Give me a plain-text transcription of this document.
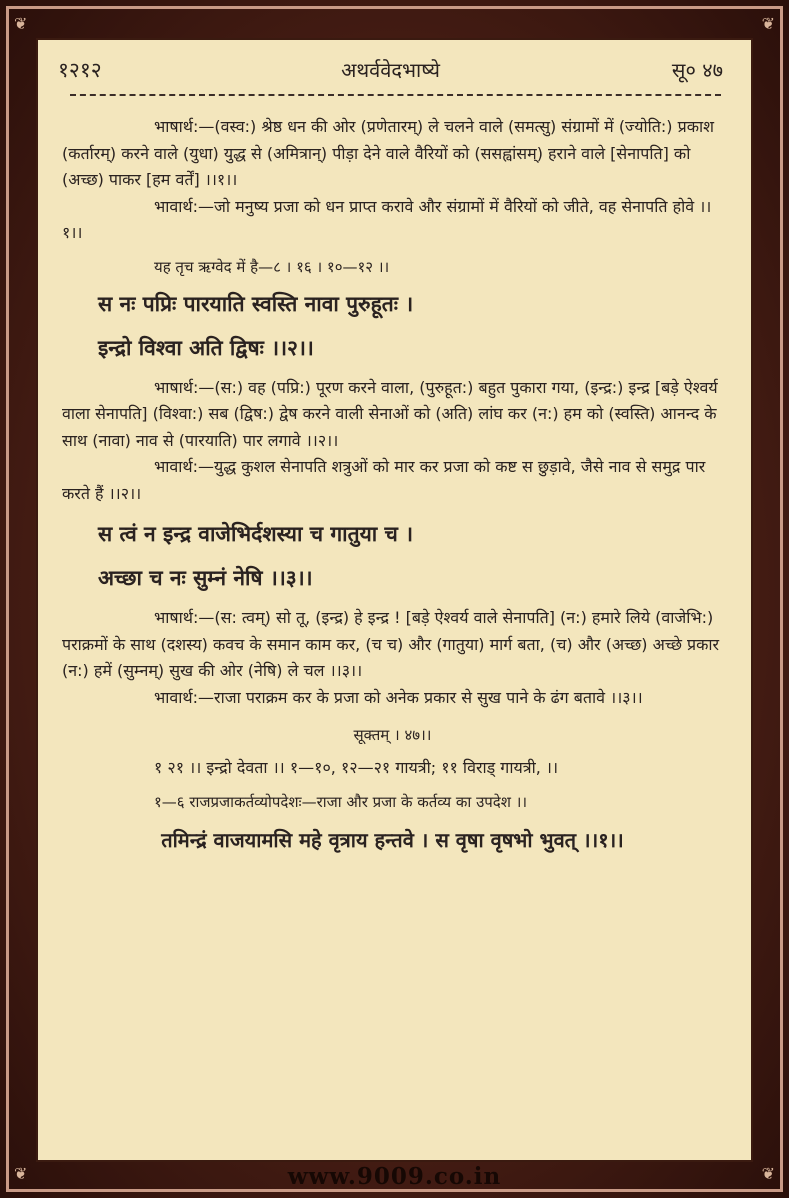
❦	❦
❦	❦
१२१२	अथर्ववेदभाष्ये	सू० ४७

भाषार्थ:—(वस्व:) श्रेष्ठ धन की ओर (प्रणेतारम्) ले चलने वाले (समत्सु) संग्रामों में (ज्योति:) प्रकाश (कर्तारम्) करने वाले (युधा) युद्ध से (अमित्रान्) पीड़ा देने वाले वैरियों को (ससह्वांसम्) हराने वाले [सेनापति] को (अच्छ) पाकर [हम वर्तें] ।।१।।

भावार्थ:—जो मनुष्य प्रजा को धन प्राप्त करावे और संग्रामों में वैरियों को जीते, वह सेनापति होवे ।।१।।

यह तृच ऋग्वेद में है—८ । १६ । १०—१२ ।।

स नः पप्रिः पारयाति स्वस्ति नावा पुरुहूतः ।
इन्द्रो विश्वा अति द्विषः ।।२।।

भाषार्थ:—(स:) वह (पप्रि:) पूरण करने वाला, (पुरुहूत:) बहुत पुकारा गया, (इन्द्र:) इन्द्र [बड़े ऐश्वर्य वाला सेनापति] (विश्वा:) सब (द्विष:) द्वेष करने वाली सेनाओं को (अति) लांघ कर (न:) हम को (स्वस्ति) आनन्द के साथ (नावा) नाव से (पारयाति) पार लगावे ।।२।।

भावार्थ:—युद्ध कुशल सेनापति शत्रुओं को मार कर प्रजा को कष्ट स छुड़ावे, जैसे नाव से समुद्र पार करते हैं ।।२।।

स त्वं न इन्द्र वाजेभिर्दशस्या च गातुया च ।
अच्छा च नः सुम्नं नेषि ।।३।।

भाषार्थ:—(स: त्वम्) सो तू, (इन्द्र) हे इन्द्र ! [बड़े ऐश्वर्य वाले सेनापति] (न:) हमारे लिये (वाजेभि:) पराक्रमों के साथ (दशस्य) कवच के समान काम कर, (च च) और (गातुया) मार्ग बता, (च) और (अच्छ) अच्छे प्रकार (न:) हमें (सुम्नम्) सुख की ओर (नेषि) ले चल ।।३।।

भावार्थ:—राजा पराक्रम कर के प्रजा को अनेक प्रकार से सुख पाने के ढंग बतावे ।।३।।

सूक्तम् । ४७।।

१ २१ ।। इन्द्रो देवता ।। १—१०, १२—२१ गायत्री; ११ विराड् गायत्री, ।।

१—६ राजप्रजाकर्तव्योपदेशः—राजा और प्रजा के कर्तव्य का उपदेश ।।

तमिन्द्रं वाजयामसि महे वृत्राय हन्तवे । स वृषा वृषभो भुवत् ।।१।।
www.9009.co.in
